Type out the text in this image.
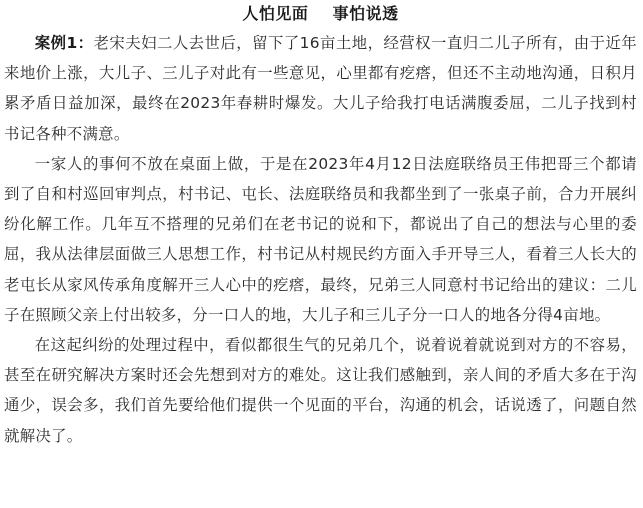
人怕见面    事怕说透

案例1：老宋夫妇二人去世后，留下了16亩土地，经营权一直归二儿子所有，由于近年来地价上涨，大儿子、三儿子对此有一些意见，心里都有疙瘩，但还不主动地沟通，日积月累矛盾日益加深，最终在2023年春耕时爆发。大儿子给我打电话满腹委屈，二儿子找到村书记各种不满意。

一家人的事何不放在桌面上做，于是在2023年4月12日法庭联络员王伟把哥三个都请到了自和村巡回审判点，村书记、屯长、法庭联络员和我都坐到了一张桌子前，合力开展纠纷化解工作。几年互不搭理的兄弟们在老书记的说和下，都说出了自己的想法与心里的委屈，我从法律层面做三人思想工作，村书记从村规民约方面入手开导三人，看着三人长大的老屯长从家风传承角度解开三人心中的疙瘩，最终，兄弟三人同意村书记给出的建议：二儿子在照顾父亲上付出较多，分一口人的地，大儿子和三儿子分一口人的地各分得4亩地。

在这起纠纷的处理过程中，看似都很生气的兄弟几个，说着说着就说到对方的不容易，甚至在研究解决方案时还会先想到对方的难处。这让我们感触到，亲人间的矛盾大多在于沟通少，误会多，我们首先要给他们提供一个见面的平台，沟通的机会，话说透了，问题自然就解决了。
